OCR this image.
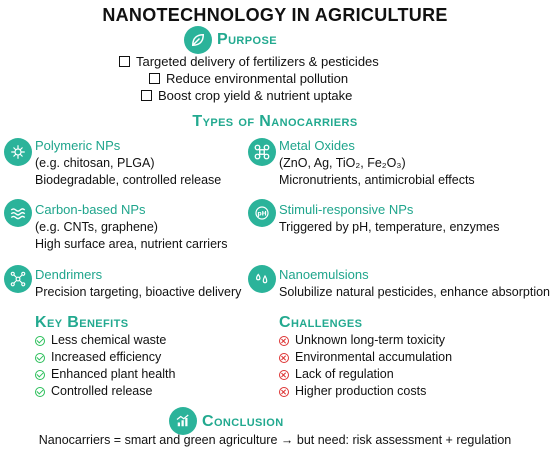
NANOTECHNOLOGY IN AGRICULTURE
Purpose
Targeted delivery of fertilizers & pesticides
Reduce environmental pollution
Boost crop yield & nutrient uptake
Types of Nanocarriers
Polymeric NPs
(e.g. chitosan, PLGA)
Biodegradable, controlled release
Metal Oxides
(ZnO, Ag, TiO₂, Fe₂O₃)
Micronutrients, antimicrobial effects
Carbon-based NPs
(e.g. CNTs, graphene)
High surface area, nutrient carriers
pH Stimuli-responsive NPs
Triggered by pH, temperature, enzymes
Dendrimers
Precision targeting, bioactive delivery
Nanoemulsions
Solubilize natural pesticides, enhance absorption
Key Benefits
Less chemical waste
Increased efficiency
Enhanced plant health
Controlled release
Challenges
Unknown long-term toxicity
Environmental accumulation
Lack of regulation
Higher production costs
Conclusion
Nanocarriers = smart and green agriculture → but need: risk assessment + regulation
